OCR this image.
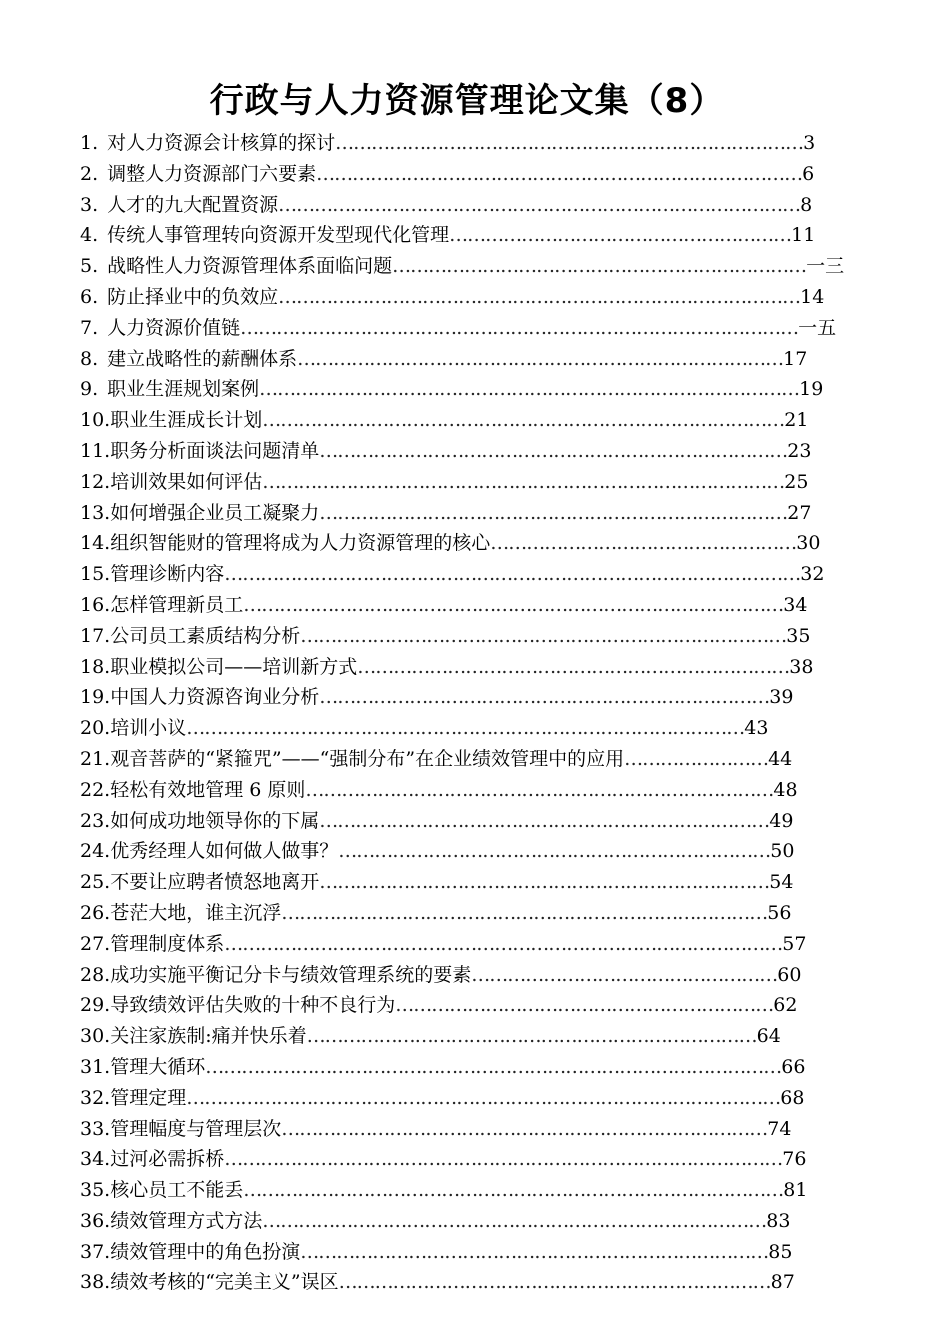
行政与人力资源管理论文集（8）
1. 对人力资源会计核算的探讨……………………………………………………………………3
2. 调整人力资源部门六要素………………………………………………………………………6
3. 人才的九大配置资源……………………………………………………………………………8
4. 传统人事管理转向资源开发型现代化管理…………………………………………………11
5. 战略性人力资源管理体系面临问题……………………………………………………………一三
6. 防止择业中的负效应……………………………………………………………………………14
7. 人力资源价值链…………………………………………………………………………………一五
8. 建立战略性的薪酬体系………………………………………………………………………17
9. 职业生涯规划案例………………………………………………………………………………19
10.职业生涯成长计划……………………………………………………………………………21
11.职务分析面谈法问题清单……………………………………………………………………23
12.培训效果如何评估……………………………………………………………………………25
13.如何增强企业员工凝聚力……………………………………………………………………27
14.组织智能财的管理将成为人力资源管理的核心……………………………………………30
15.管理诊断内容……………………………………………………………………………………32
16.怎样管理新员工………………………………………………………………………………34
17.公司员工素质结构分析………………………………………………………………………35
18.职业模拟公司——培训新方式………………………………………………………………38
19.中国人力资源咨询业分析…………………………………………………………………39
20.培训小议…………………………………………………………………………………43
21.观音菩萨的“紧箍咒”——“强制分布”在企业绩效管理中的应用……………………44
22.轻松有效地管理 6 原则……………………………………………………………………48
23.如何成功地领导你的下属…………………………………………………………………49
24.优秀经理人如何做人做事？………………………………………………………………50
25.不要让应聘者愤怒地离开…………………………………………………………………54
26.苍茫大地，谁主沉浮………………………………………………………………………56
27.管理制度体系…………………………………………………………………………………57
28.成功实施平衡记分卡与绩效管理系统的要素……………………………………………60
29.导致绩效评估失败的十种不良行为………………………………………………………62
30.关注家族制:痛并快乐着…………………………………………………………………64
31.管理大循环……………………………………………………………………………………66
32.管理定理………………………………………………………………………………………68
33.管理幅度与管理层次………………………………………………………………………74
34.过河必需拆桥…………………………………………………………………………………76
35.核心员工不能丢………………………………………………………………………………81
36.绩效管理方式方法…………………………………………………………………………83
37.绩效管理中的角色扮演……………………………………………………………………85
38.绩效考核的“完美主义”误区………………………………………………………………87
